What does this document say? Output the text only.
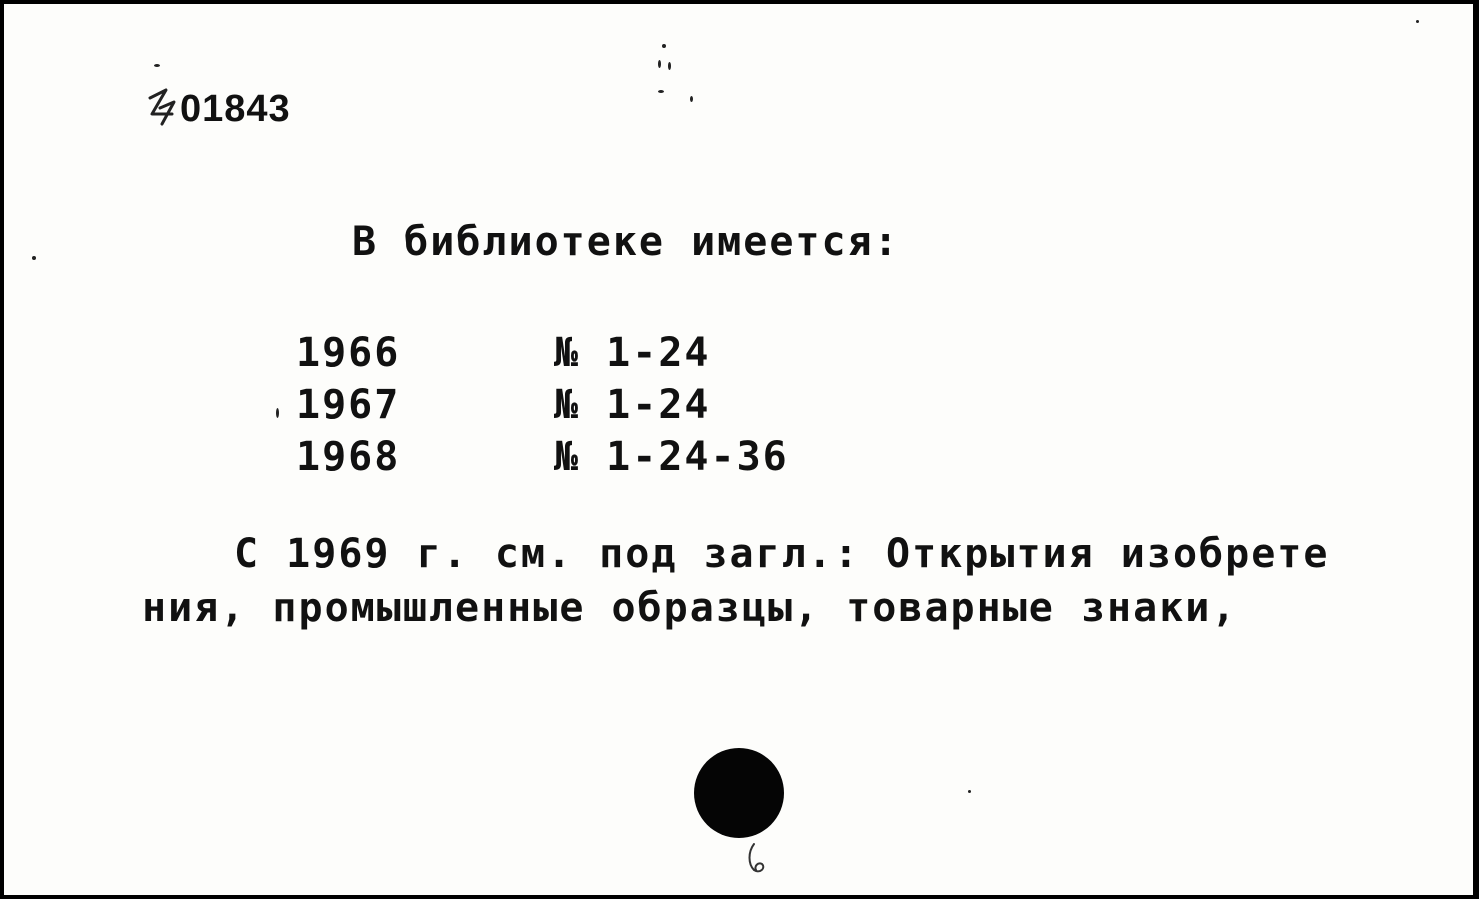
01843
В библиотеке имеется:
1966	№ 1-24
1967	№ 1-24
1968	№ 1-24-36
С 1969 г. см. под загл.: Открытия изобрете
ния, промышленные образцы, товарные знаки,
